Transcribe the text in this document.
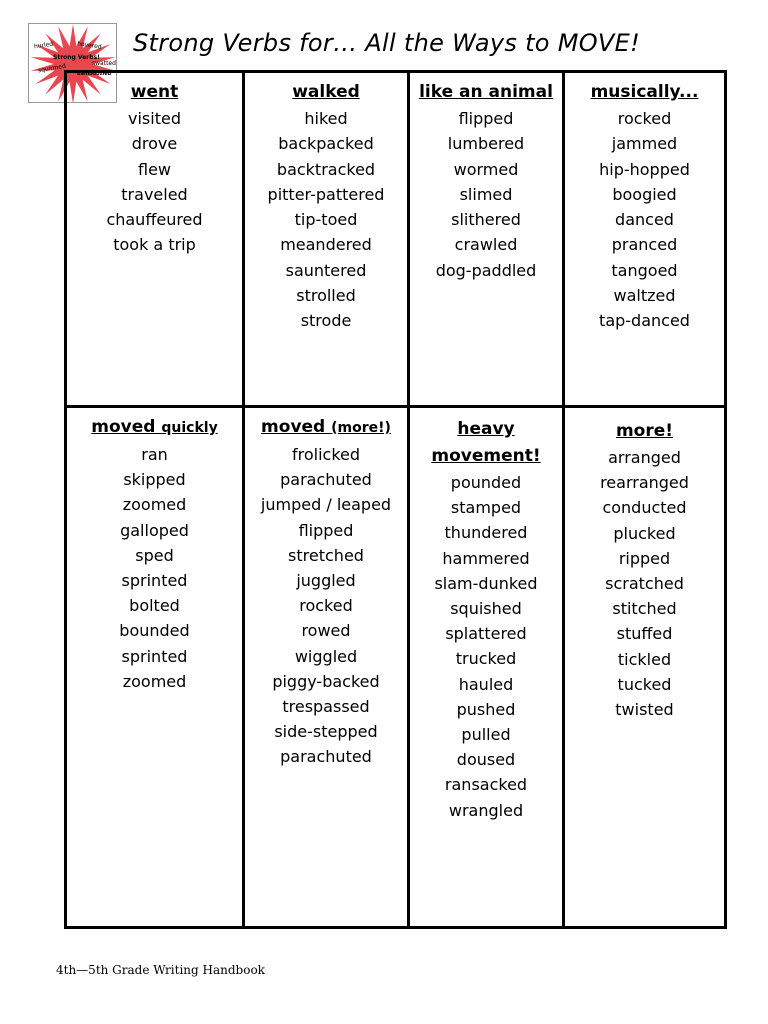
hurled	hovered
Strong Verbs!
swatted
squirmed bamboozled
Strong Verbs for… All the Ways to MOVE!
went
visited
drove
flew
traveled
chauffeured
took a trip
walked
hiked
backpacked
backtracked
pitter-pattered
tip-toed
meandered
sauntered
strolled
strode
like an animal
flipped
lumbered
wormed
slimed
slithered
crawled
dog-paddled
musically...
rocked
jammed
hip-hopped
boogied
danced
pranced
tangoed
waltzed
tap-danced
moved quickly
ran
skipped
zoomed
galloped
sped
sprinted
bolted
bounded
sprinted
zoomed
moved (more!)
frolicked
parachuted
jumped / leaped
flipped
stretched
juggled
rocked
rowed
wiggled
piggy-backed
trespassed
side-stepped
parachuted
heavy
movement!
pounded
stamped
thundered
hammered
slam-dunked
squished
splattered
trucked
hauled
pushed
pulled
doused
ransacked
wrangled
more!
arranged
rearranged
conducted
plucked
ripped
scratched
stitched
stuffed
tickled
tucked
twisted
4th—5th Grade Writing Handbook
